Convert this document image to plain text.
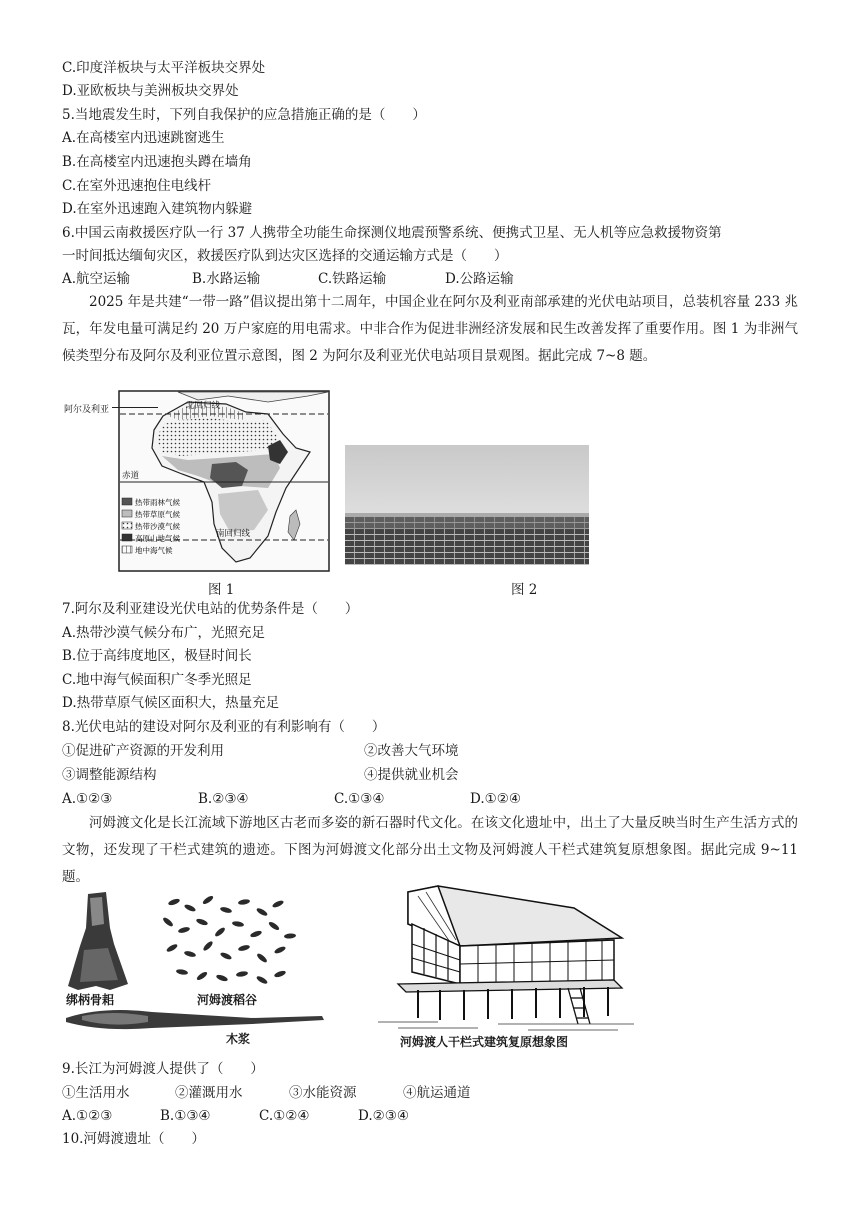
C.印度洋板块与太平洋板块交界处
D.亚欧板块与美洲板块交界处
5.当地震发生时，下列自我保护的应急措施正确的是（　　）
A.在高楼室内迅速跳窗逃生
B.在高楼室内迅速抱头蹲在墙角
C.在室外迅速抱住电线杆
D.在室外迅速跑入建筑物内躲避
6.中国云南救援医疗队一行 37 人携带全功能生命探测仪地震预警系统、便携式卫星、无人机等应急救援物资第
一时间抵达缅甸灾区，救援医疗队到达灾区选择的交通运输方式是（　　）
A.航空运输	B.水路运输	C.铁路运输	D.公路运输
2025 年是共建“一带一路”倡议提出第十二周年，中国企业在阿尔及利亚南部承建的光伏电站项目，总装机容量 233 兆瓦，年发电量可满足约 20 万户家庭的用电需求。中非合作为促进非洲经济发展和民生改善发挥了重要作用。图 1 为非洲气候类型分布及阿尔及利亚位置示意图，图 2 为阿尔及利亚光伏电站项目景观图。据此完成 7~8 题。
北回归线
赤道
南回归线
热带雨林气候
热带草原气候
热带沙漠气候
高原山地气候
地中海气候
阿尔及利亚
图 1	图 2
7.阿尔及利亚建设光伏电站的优势条件是（　　）
A.热带沙漠气候分布广，光照充足
B.位于高纬度地区，极昼时间长
C.地中海气候面积广冬季光照足
D.热带草原气候区面积大，热量充足
8.光伏电站的建设对阿尔及利亚的有利影响有（　　）
①促进矿产资源的开发利用	②改善大气环境
③调整能源结构	④提供就业机会
A.①②③	B.②③④	C.①③④	D.①②④
河姆渡文化是长江流域下游地区古老而多姿的新石器时代文化。在该文化遗址中，出土了大量反映当时生产生活方式的文物，还发现了干栏式建筑的遗迹。下图为河姆渡文化部分出土文物及河姆渡人干栏式建筑复原想象图。据此完成 9~11 题。
绑柄骨耜	河姆渡稻谷
木浆	河姆渡人干栏式建筑复原想象图
9.长江为河姆渡人提供了（　　）
①生活用水	②灌溉用水	③水能资源	④航运通道
A.①②③	B.①③④	C.①②④	D.②③④
10.河姆渡遗址（　　）
